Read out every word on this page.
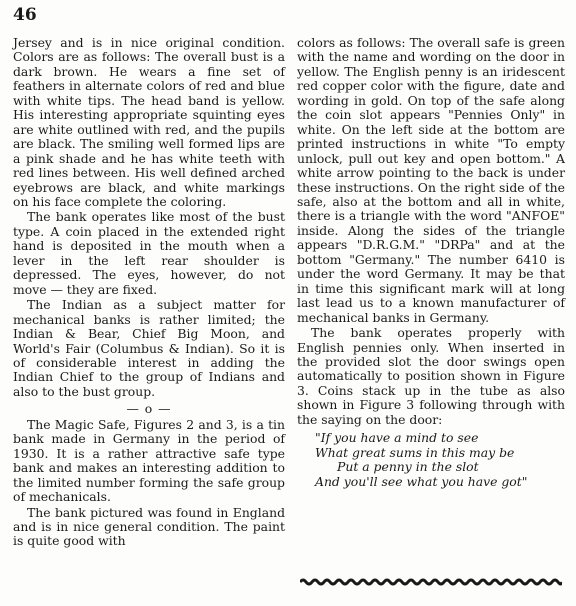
46

Jersey and is in nice original condition. Colors are as follows: The overall bust is a dark brown. He wears a fine set of feathers in alternate colors of red and blue with white tips. The head band is yellow. His interesting appropriate squinting eyes are white outlined with red, and the pupils are black. The smiling well formed lips are a pink shade and he has white teeth with red lines between. His well defined arched eyebrows are black, and white markings on his face complete the coloring.

The bank operates like most of the bust type. A coin placed in the extended right hand is deposited in the mouth when a lever in the left rear shoulder is depressed. The eyes, however, do not move — they are fixed.

The Indian as a subject matter for mechanical banks is rather limited; the Indian & Bear, Chief Big Moon, and World's Fair (Columbus & Indian). So it is of considerable interest in adding the Indian Chief to the group of Indians and also to the bust group.

— o —

The Magic Safe, Figures 2 and 3, is a tin bank made in Germany in the period of 1930. It is a rather attractive safe type bank and makes an interesting addition to the limited number forming the safe group of mechanicals.

The bank pictured was found in England and is in nice general condition. The paint is quite good with

colors as follows: The overall safe is green with the name and wording on the door in yellow. The English penny is an iridescent red copper color with the figure, date and wording in gold. On top of the safe along the coin slot appears "Pennies Only" in white. On the left side at the bottom are printed instructions in white "To empty unlock, pull out key and open bottom." A white arrow pointing to the back is under these instructions. On the right side of the safe, also at the bottom and all in white, there is a triangle with the word "ANFOE" inside. Along the sides of the triangle appears "D.R.G.M." "DRPa" and at the bottom "Germany." The number 6410 is under the word Germany. It may be that in time this significant mark will at long last lead us to a known manufacturer of mechanical banks in Germany.

The bank operates properly with English pennies only. When inserted in the provided slot the door swings open automatically to position shown in Figure 3. Coins stack up in the tube as also shown in Figure 3 following through with the saying on the door:

"If you have a mind to see
What great sums in this may be
Put a penny in the slot
And you'll see what you have got"
